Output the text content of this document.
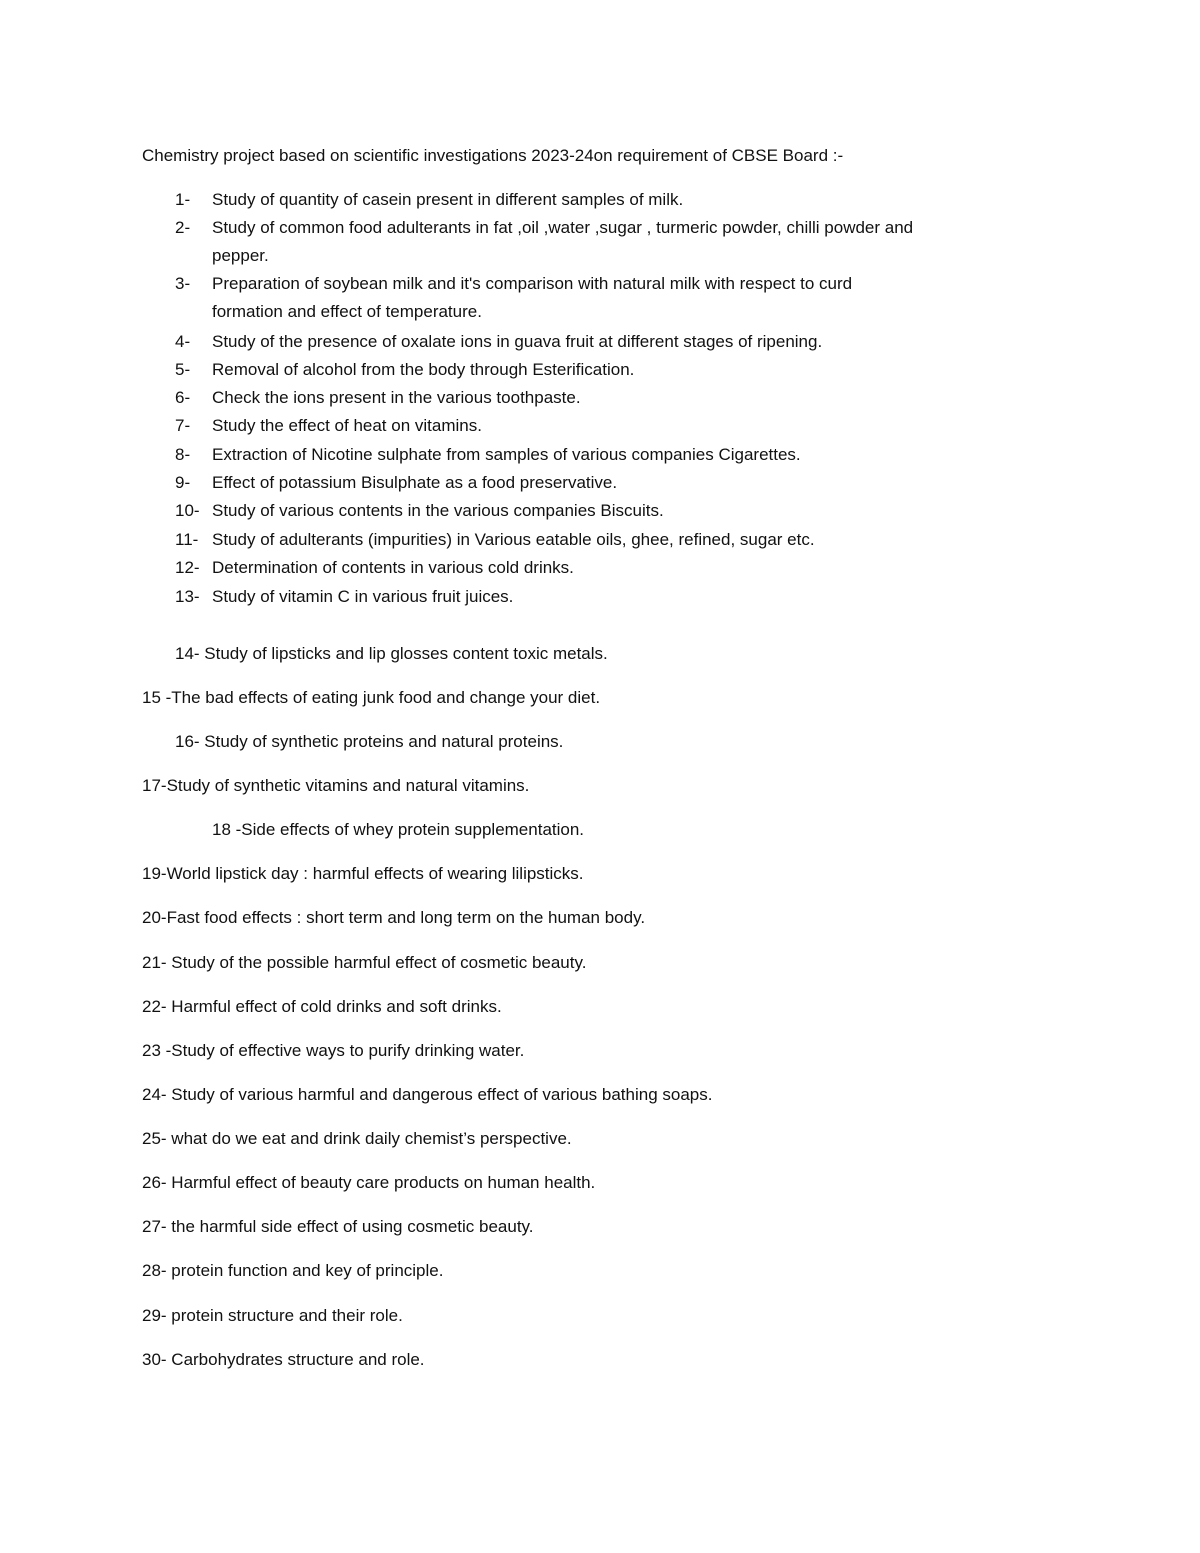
Chemistry project based on scientific investigations 2023-24on requirement of CBSE Board :-
1- Study of quantity of casein present in different samples of milk.
2- Study of common food adulterants in fat ,oil ,water ,sugar , turmeric powder, chilli powder and
pepper.
3- Preparation of soybean milk and it's comparison with natural milk with respect to curd
formation and effect of temperature.
4- Study of the presence of oxalate ions in guava fruit at different stages of ripening.
5- Removal of alcohol from the body through Esterification.
6- Check the ions present in the various toothpaste.
7- Study the effect of heat on vitamins.
8- Extraction of Nicotine sulphate from samples of various companies Cigarettes.
9- Effect of potassium Bisulphate as a food preservative.
10- Study of various contents in the various companies Biscuits.
11- Study of adulterants (impurities) in Various eatable oils, ghee, refined, sugar etc.
12- Determination of contents in various cold drinks.
13- Study of vitamin C in various fruit juices.
14- Study of lipsticks and lip glosses content toxic metals.
15 -The bad effects of eating junk food and change your diet.
16- Study of synthetic proteins and natural proteins.
17-Study of synthetic vitamins and natural vitamins.
18 -Side effects of whey protein supplementation.
19-World lipstick day : harmful effects of wearing lilipsticks.
20-Fast food effects : short term and long term on the human body.
21- Study of the possible harmful effect of cosmetic beauty.
22- Harmful effect of cold drinks and soft drinks.
23 -Study of effective ways to purify drinking water.
24- Study of various harmful and dangerous effect of various bathing soaps.
25- what do we eat and drink daily chemist’s perspective.
26- Harmful effect of beauty care products on human health.
27- the harmful side effect of using cosmetic beauty.
28- protein function and key of principle.
29- protein structure and their role.
30- Carbohydrates structure and role.
